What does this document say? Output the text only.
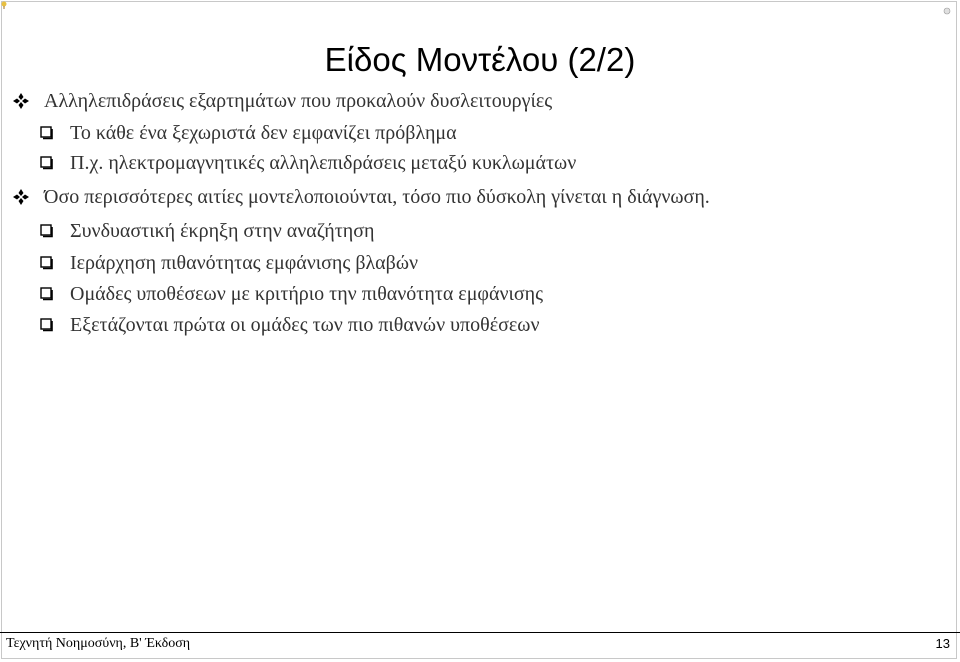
Είδος Μοντέλου (2/2)
Αλληλεπιδράσεις εξαρτημάτων που προκαλούν δυσλειτουργίες
Το κάθε ένα ξεχωριστά δεν εμφανίζει πρόβλημα
Π.χ. ηλεκτρομαγνητικές αλληλεπιδράσεις μεταξύ κυκλωμάτων
Όσο περισσότερες αιτίες μοντελοποιούνται, τόσο πιο δύσκολη γίνεται η διάγνωση.
Συνδυαστική έκρηξη στην αναζήτηση
Ιεράρχηση πιθανότητας εμφάνισης βλαβών
Ομάδες υποθέσεων με κριτήριο την πιθανότητα εμφάνισης
Εξετάζονται πρώτα οι ομάδες των πιο πιθανών υποθέσεων
Τεχνητή Νοημοσύνη, B' Έκδοση	13
